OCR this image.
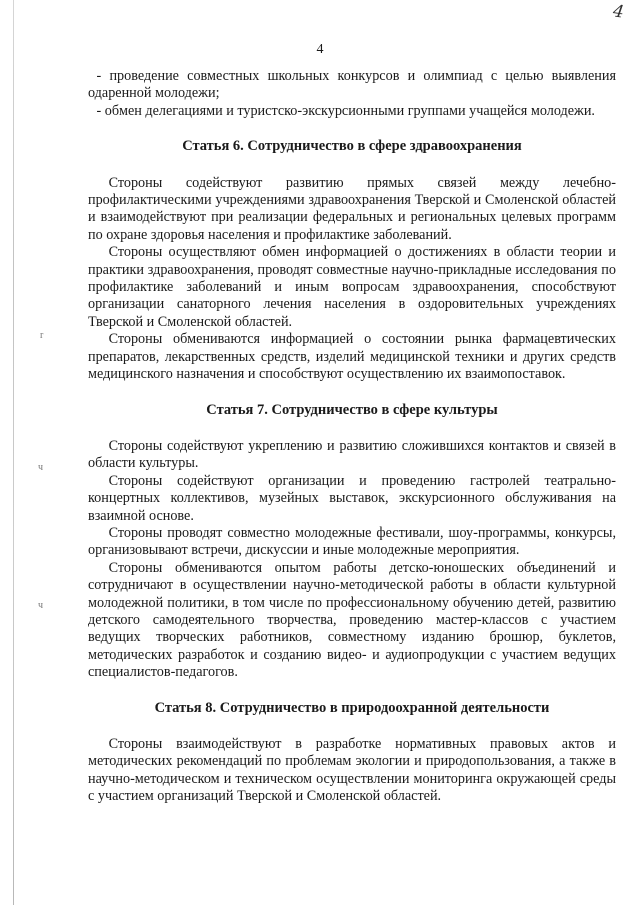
4
4
r
ч
ч

- проведение совместных школьных конкурсов и олимпиад с целью выявления одаренной молодежи;

- обмен делегациями и туристско-экскурсионными группами учащейся молодежи.

Статья 6. Сотрудничество в сфере здравоохранения

Стороны содействуют развитию прямых связей между лечебно-профилактическими учреждениями здравоохранения Тверской и Смоленской областей и взаимодействуют при реализации федеральных и региональных целевых программ по охране здоровья населения и профилактике заболеваний.

Стороны осуществляют обмен информацией о достижениях в области теории и практики здравоохранения, проводят совместные научно-прикладные исследования по профилактике заболеваний и иным вопросам здравоохранения, способствуют организации санаторного лечения населения в оздоровительных учреждениях Тверской и Смоленской областей.

Стороны обмениваются информацией о состоянии рынка фармацевтических препаратов, лекарственных средств, изделий медицинской техники и других средств медицинского назначения и способствуют осуществлению их взаимопоставок.

Статья 7. Сотрудничество в сфере культуры

Стороны содействуют укреплению и развитию сложившихся контактов и связей в области культуры.

Стороны содействуют организации и проведению гастролей театрально-концертных коллективов, музейных выставок, экскурсионного обслуживания на взаимной основе.

Стороны проводят совместно молодежные фестивали, шоу-программы, конкурсы, организовывают встречи, дискуссии и иные молодежные мероприятия.

Стороны обмениваются опытом работы детско-юношеских объединений и сотрудничают в осуществлении научно-методической работы в области культурной молодежной политики, в том числе по профессиональному обучению детей, развитию детского самодеятельного творчества, проведению мастер-классов с участием ведущих творческих работников, совместному изданию брошюр, буклетов, методических разработок и созданию видео- и аудиопродукции с участием ведущих специалистов-педагогов.

Статья 8. Сотрудничество в природоохранной деятельности

Стороны взаимодействуют в разработке нормативных правовых актов и методических рекомендаций по проблемам экологии и природопользования, а также в научно-методическом и техническом осуществлении мониторинга окружающей среды с участием организаций Тверской и Смоленской областей.
